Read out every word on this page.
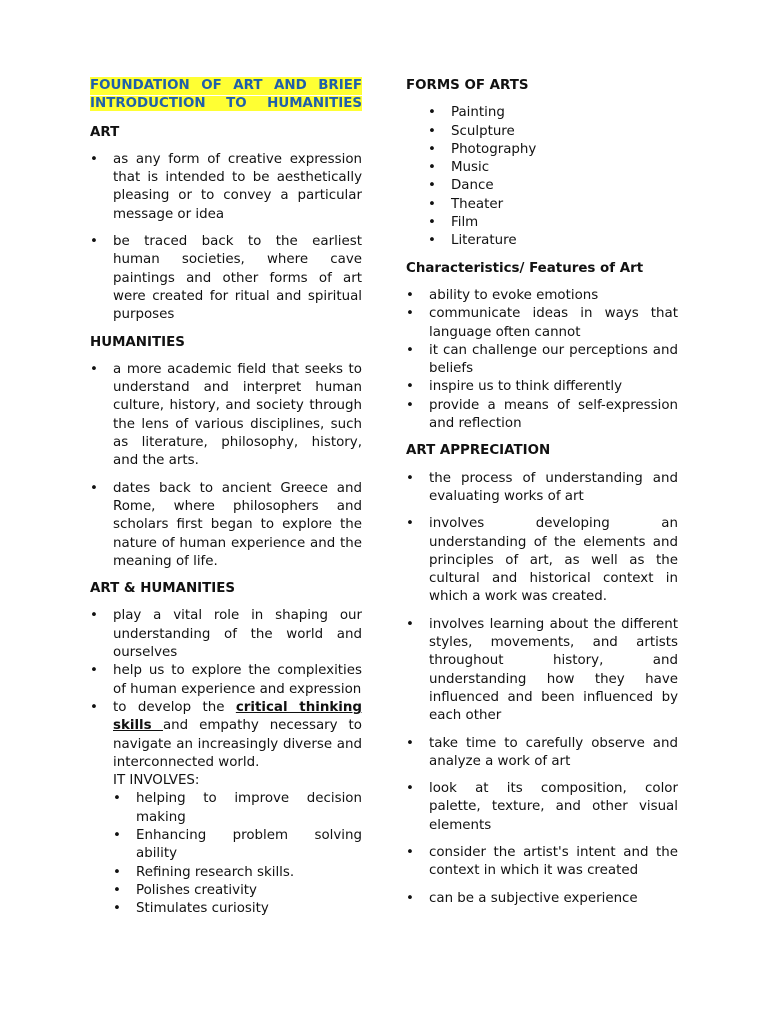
FOUNDATION OF ART AND BRIEF
INTRODUCTION TO HUMANITIES
ART
• as any form of creative expression that is intended to be aesthetically pleasing or to convey a particular message or idea
• be traced back to the earliest human societies, where cave paintings and other forms of art were created for ritual and spiritual purposes
HUMANITIES
• a more academic field that seeks to understand and interpret human culture, history, and society through the lens of various disciplines, such as literature, philosophy, history, and the arts.
• dates back to ancient Greece and Rome, where philosophers and scholars first began to explore the nature of human experience and the meaning of life.
ART & HUMANITIES
• play a vital role in shaping our understanding of the world and ourselves
• help us to explore the complexities of human experience and expression
• to develop the critical thinking skills and empathy necessary to navigate an increasingly diverse and interconnected world.
IT INVOLVES:
• helping to improve decision making
• Enhancing problem solving ability
• Refining research skills.
• Polishes creativity
• Stimulates curiosity
FORMS OF ARTS
• Painting
• Sculpture
• Photography
• Music
• Dance
• Theater
• Film
• Literature
Characteristics/ Features of Art
• ability to evoke emotions
• communicate ideas in ways that language often cannot
• it can challenge our perceptions and beliefs
• inspire us to think differently
• provide a means of self-expression and reflection
ART APPRECIATION
• the process of understanding and evaluating works of art
• involves developing an understanding of the elements and principles of art, as well as the cultural and historical context in which a work was created.
• involves learning about the different styles, movements, and artists throughout history, and understanding how they have influenced and been influenced by each other
• take time to carefully observe and analyze a work of art
• look at its composition, color palette, texture, and other visual elements
• consider the artist's intent and the context in which it was created
• can be a subjective experience
